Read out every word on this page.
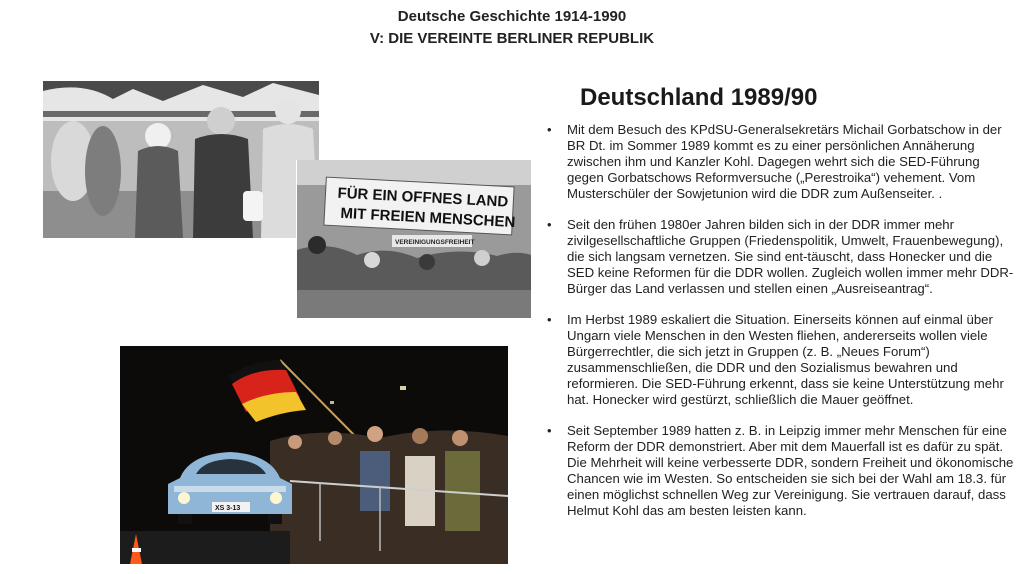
Deutsche Geschichte 1914-1990
V: DIE VEREINTE BERLINER REPUBLIK
FÜR EIN OFFNES LAND
MIT FREIEN MENSCHEN
VEREINIGUNGSFREIHEIT
XS 3-13
Deutschland 1989/90
• Mit dem Besuch des KPdSU-Generalsekretärs Michail Gorbatschow in der BR Dt. im Sommer 1989 kommt es zu einer persönlichen Annäherung zwischen ihm und Kanzler Kohl. Dagegen wehrt sich die SED-Führung gegen Gorbatschows Reformversuche („Perestroika“) vehement. Vom Musterschüler der Sowjetunion wird die DDR zum Außenseiter. .
• Seit den frühen 1980er Jahren bilden sich in der DDR immer mehr zivilgesellschaftliche Gruppen (Friedenspolitik, Umwelt, Frauenbewegung), die sich langsam vernetzen. Sie sind ent-täuscht, dass Honecker und die SED keine Reformen für die DDR wollen. Zugleich wollen immer mehr DDR-Bürger das Land verlassen und stellen einen „Ausreiseantrag“.
• Im Herbst 1989 eskaliert die Situation. Einerseits können auf einmal über Ungarn viele Menschen in den Westen fliehen, andererseits wollen viele Bürgerrechtler, die sich jetzt in Gruppen (z. B. „Neues Forum“) zusammenschließen, die DDR und den Sozialismus bewahren und reformieren. Die SED-Führung erkennt, dass sie keine Unterstützung mehr hat. Honecker wird gestürzt, schließlich die Mauer geöffnet.
• Seit September 1989 hatten z. B. in Leipzig immer mehr Menschen für eine Reform der DDR demonstriert. Aber mit dem Mauerfall ist es dafür zu spät. Die Mehrheit will keine verbesserte DDR, sondern Freiheit und ökonomische Chancen wie im Westen. So entscheiden sie sich bei der Wahl am 18.3. für einen möglichst schnellen Weg zur Vereinigung. Sie vertrauen darauf, dass Helmut Kohl das am besten leisten kann.
